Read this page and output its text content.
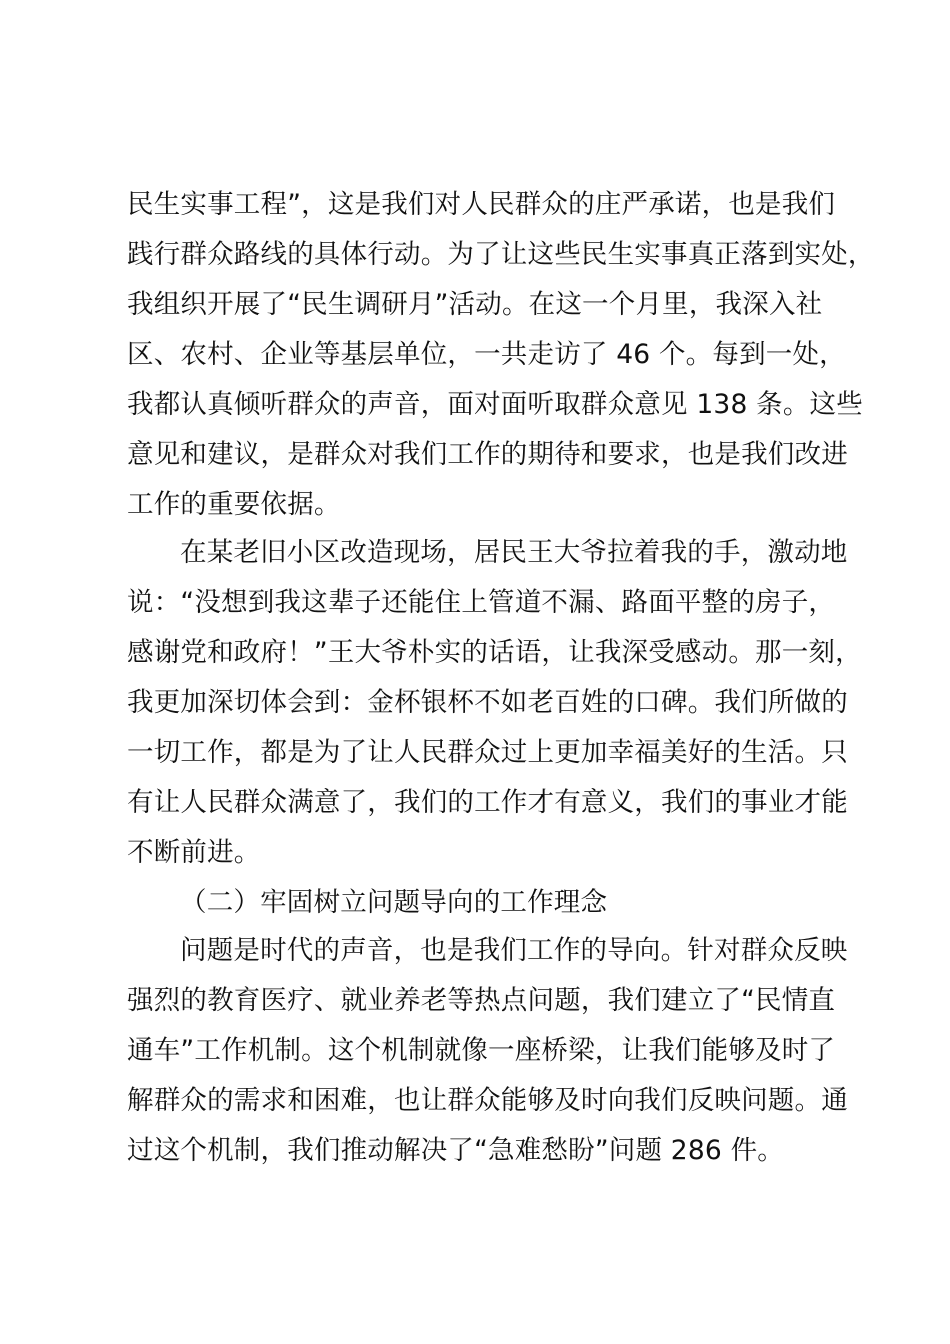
民生实事工程”，这是我们对人民群众的庄严承诺，也是我们
践行群众路线的具体行动。为了让这些民生实事真正落到实处，
我组织开展了“民生调研月”活动。在这一个月里，我深入社
区、农村、企业等基层单位，一共走访了 46 个。每到一处，
我都认真倾听群众的声音，面对面听取群众意见 138 条。这些
意见和建议，是群众对我们工作的期待和要求，也是我们改进
工作的重要依据。
在某老旧小区改造现场，居民王大爷拉着我的手，激动地
说：“没想到我这辈子还能住上管道不漏、路面平整的房子，
感谢党和政府！”王大爷朴实的话语，让我深受感动。那一刻，
我更加深切体会到：金杯银杯不如老百姓的口碑。我们所做的
一切工作，都是为了让人民群众过上更加幸福美好的生活。只
有让人民群众满意了，我们的工作才有意义，我们的事业才能
不断前进。
（二）牢固树立问题导向的工作理念
问题是时代的声音，也是我们工作的导向。针对群众反映
强烈的教育医疗、就业养老等热点问题，我们建立了“民情直
通车”工作机制。这个机制就像一座桥梁，让我们能够及时了
解群众的需求和困难，也让群众能够及时向我们反映问题。通
过这个机制，我们推动解决了“急难愁盼”问题 286 件。
